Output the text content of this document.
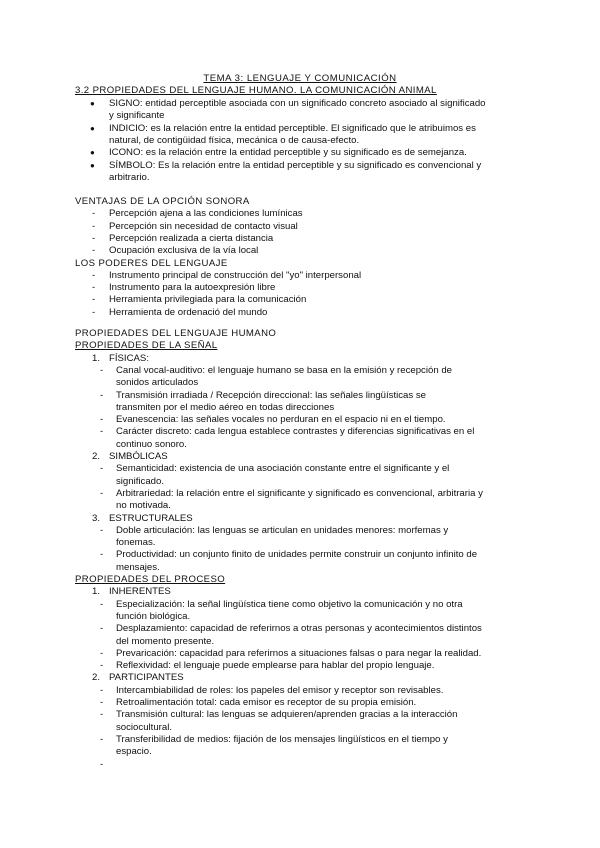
TEMA 3: LENGUAJE Y COMUNICACIÓN
3.2 PROPIEDADES DEL LENGUAJE HUMANO. LA COMUNICACIÓN ANIMAL
● SIGNO: entidad perceptible asociada con un significado concreto asociado al significado
y significante
● INDICIO: es la relación entre la entidad perceptible. El significado que le atribuimos es
natural, de contigüidad física, mecánica o de causa-efecto.
● ICONO: es la relación entre la entidad perceptible y su significado es de semejanza.
● SÍMBOLO: Es la relación entre la entidad perceptible y su significado es convencional y
arbitrario.
VENTAJAS DE LA OPCIÓN SONORA
- Percepción ajena a las condiciones lumínicas
- Percepción sin necesidad de contacto visual
- Percepción realizada a cierta distancia
- Ocupación exclusiva de la vía local
LOS PODERES DEL LENGUAJE
- Instrumento principal de construcción del "yo" interpersonal
- Instrumento para la autoexpresión libre
- Herramienta privilegiada para la comunicación
- Herramienta de ordenació del mundo
PROPIEDADES DEL LENGUAJE HUMANO
PROPIEDADES DE LA SEÑAL
1. FÍSICAS:
- Canal vocal-auditivo: el lenguaje humano se basa en la emisión y recepción de
sonidos articulados
- Transmisión irradiada / Recepción direccional: las señales lingüísticas se
transmiten por el medio aéreo en todas direcciones
- Evanescencia: las señales vocales no perduran en el espacio ni en el tiempo.
- Carácter discreto: cada lengua establece contrastes y diferencias significativas en el
continuo sonoro.
2. SIMBÓLICAS
- Semanticidad: existencia de una asociación constante entre el significante y el
significado.
- Arbitrariedad: la relación entre el significante y significado es convencional, arbitraria y
no motivada.
3. ESTRUCTURALES
- Doble articulación: las lenguas se articulan en unidades menores: morfemas y
fonemas.
- Productividad: un conjunto finito de unidades permite construir un conjunto infinito de
mensajes.
PROPIEDADES DEL PROCESO
1. INHERENTES
- Especialización: la señal lingüística tiene como objetivo la comunicación y no otra
función biológica.
- Desplazamiento: capacidad de referirnos a otras personas y acontecimientos distintos
del momento presente.
- Prevaricación: capacidad para referirnos a situaciones falsas o para negar la realidad.
- Reflexividad: el lenguaje puede emplearse para hablar del propio lenguaje.
2. PARTICIPANTES
- Intercambiabilidad de roles: los papeles del emisor y receptor son revisables.
- Retroalimentación total: cada emisor es receptor de su propia emisión.
- Transmisión cultural: las lenguas se adquieren/aprenden gracias a la interacción
sociocultural.
- Transferibilidad de medios: fijación de los mensajes lingüísticos en el tiempo y
espacio.
-
